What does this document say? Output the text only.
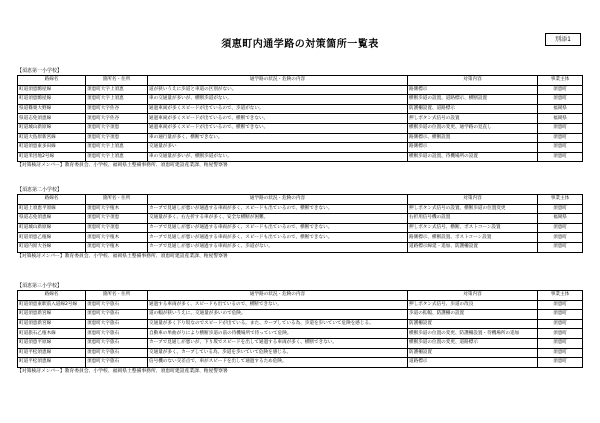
須恵町内通学路の対策箇所一覧表	別添1
【須恵第一小学校】
路線名	箇所名・住所	通学路の状況・危険の内容	対策内容	事業主体
町道須恵駒屋線	須恵町大字上須恵	道が狭いうえに歩道と車道の区別がない。	路側標示	須恵町
町道須恵駒屋線	須恵町大字上須恵	車の交通量が多いが、横断歩道がない。	横断歩道の設置、道路標示、横断設置	須恵町
県道篠栗大野線	須恵町大字佐谷	通過車両が多くスピードが出ているので、歩道がない。	防護柵設置、道路標示	福岡県
県道志免須恵線	須恵町大字佐谷	通過車両が多くスピードが出ているので、横断できない。	押しボタン式信号の設置	福岡県
町道城山新原線	須恵町大字須恵	通過車両が多くスピードが出ているので、横断できない。	横断歩道の位置の変更、通学路の見直し	須恵町
町道大島原新宮線	須恵町大字須恵	車の通行量が多く、横断できない。	路側標示、横断設置	須恵町
町道須恵東多田線	須恵町大字上須恵	交通量が多い	路側標示	須恵町
町道米団地2号線	須恵町大字上須恵	車の交通量が多いが、横断歩道がない。	横断歩道の設置、待機場所の設置	須恵町
【対策検討メンバー】教育委員会、小学校、福岡県土整備事務所、須恵町建設産業課、粕屋警察署
【須恵第二小学校】
路線名	箇所名・住所	通学路の状況・危険の内容	対策内容	事業主体
町道上須恵平原線	須恵町大字植木	カーブで見通しが悪いが通過する車両が多く、スピードも出ているので、横断できない。	押しボタン式信号の設置、横断歩道の位置変更	須恵町
県道志免須恵線	須恵町大字須恵	交通量が多く、右左折する車が多く、安全な横断が困難。	右折用信号機の設置	福岡県
町道城山新原線	須恵町大字須恵	カーブで見通しが悪いが通過する車両が多く、スピードも出ているので、横断できない。	押しボタン式信号、横断、ポストコーン設置	須恵町
町道須恵乙植線	須恵町大字植木	カーブで見通しが悪いが通過する車両が多く、スピードも出ているので、横断できない。	路側標示、横断設置、ポストコーン設置	須恵町
町道内原大谷線	須恵町大字植木	カーブで見通しが悪いが通過する車両が多く、歩道がない。	道路標示線延・追加、防護柵設置	須恵町
【対策検討メンバー】教育委員会、小学校、福岡県土整備事務所、須恵町建設産業課、粕屋警察署
【須恵第三小学校】
路線名	箇所名・住所	通学路の状況・危険の内容	対策内容	事業主体
町道須恵東駅前入道線2号線	須恵町大字旅石	通過する車両が多く、スピードも出ているので、横断できない。	押しボタン式信号、歩道の改良	須恵町
町道須恵新宮線	須恵町大字旅石	道の幅が狭いうえに、交通量が多いので危険。	歩道の拡幅、防護柵の設置	須恵町
町道須恵新宮線	須恵町大字旅石	交通量が多く下り坂なのでスピードが出ている。また、カーブしている為、歩道を歩いていて危険を感じる。	防護柵設置	須恵町
町道旅石乙植木線	須恵町大字旅石	自動車の単曲がりにより横断歩道の前の待機場所で待っていて危険。	横断歩道の位置の変更、防護柵設置・待機場所の追加	須恵町
町道須恵平原線	須恵町大字旅石	カーブで見通しが悪いが、下り坂でスピードを出して通過する車両が多く、横断できない。	横断歩道の位置の変更、道路標示	須恵町
町道平松須恵線	須恵町大字旅石	交通量が多く、カーブしている為、歩道を歩いていて危険を感じる。	防護柵設置	須恵町
町道平松須恵線	須恵町大字旅石	信号機のない交差点で、車がスピードを出して通過するため危険。	道路標示	須恵町
【対策検討メンバー】教育委員会、小学校、福岡県土整備事務所、須恵町建設産業課、粕屋警察署
